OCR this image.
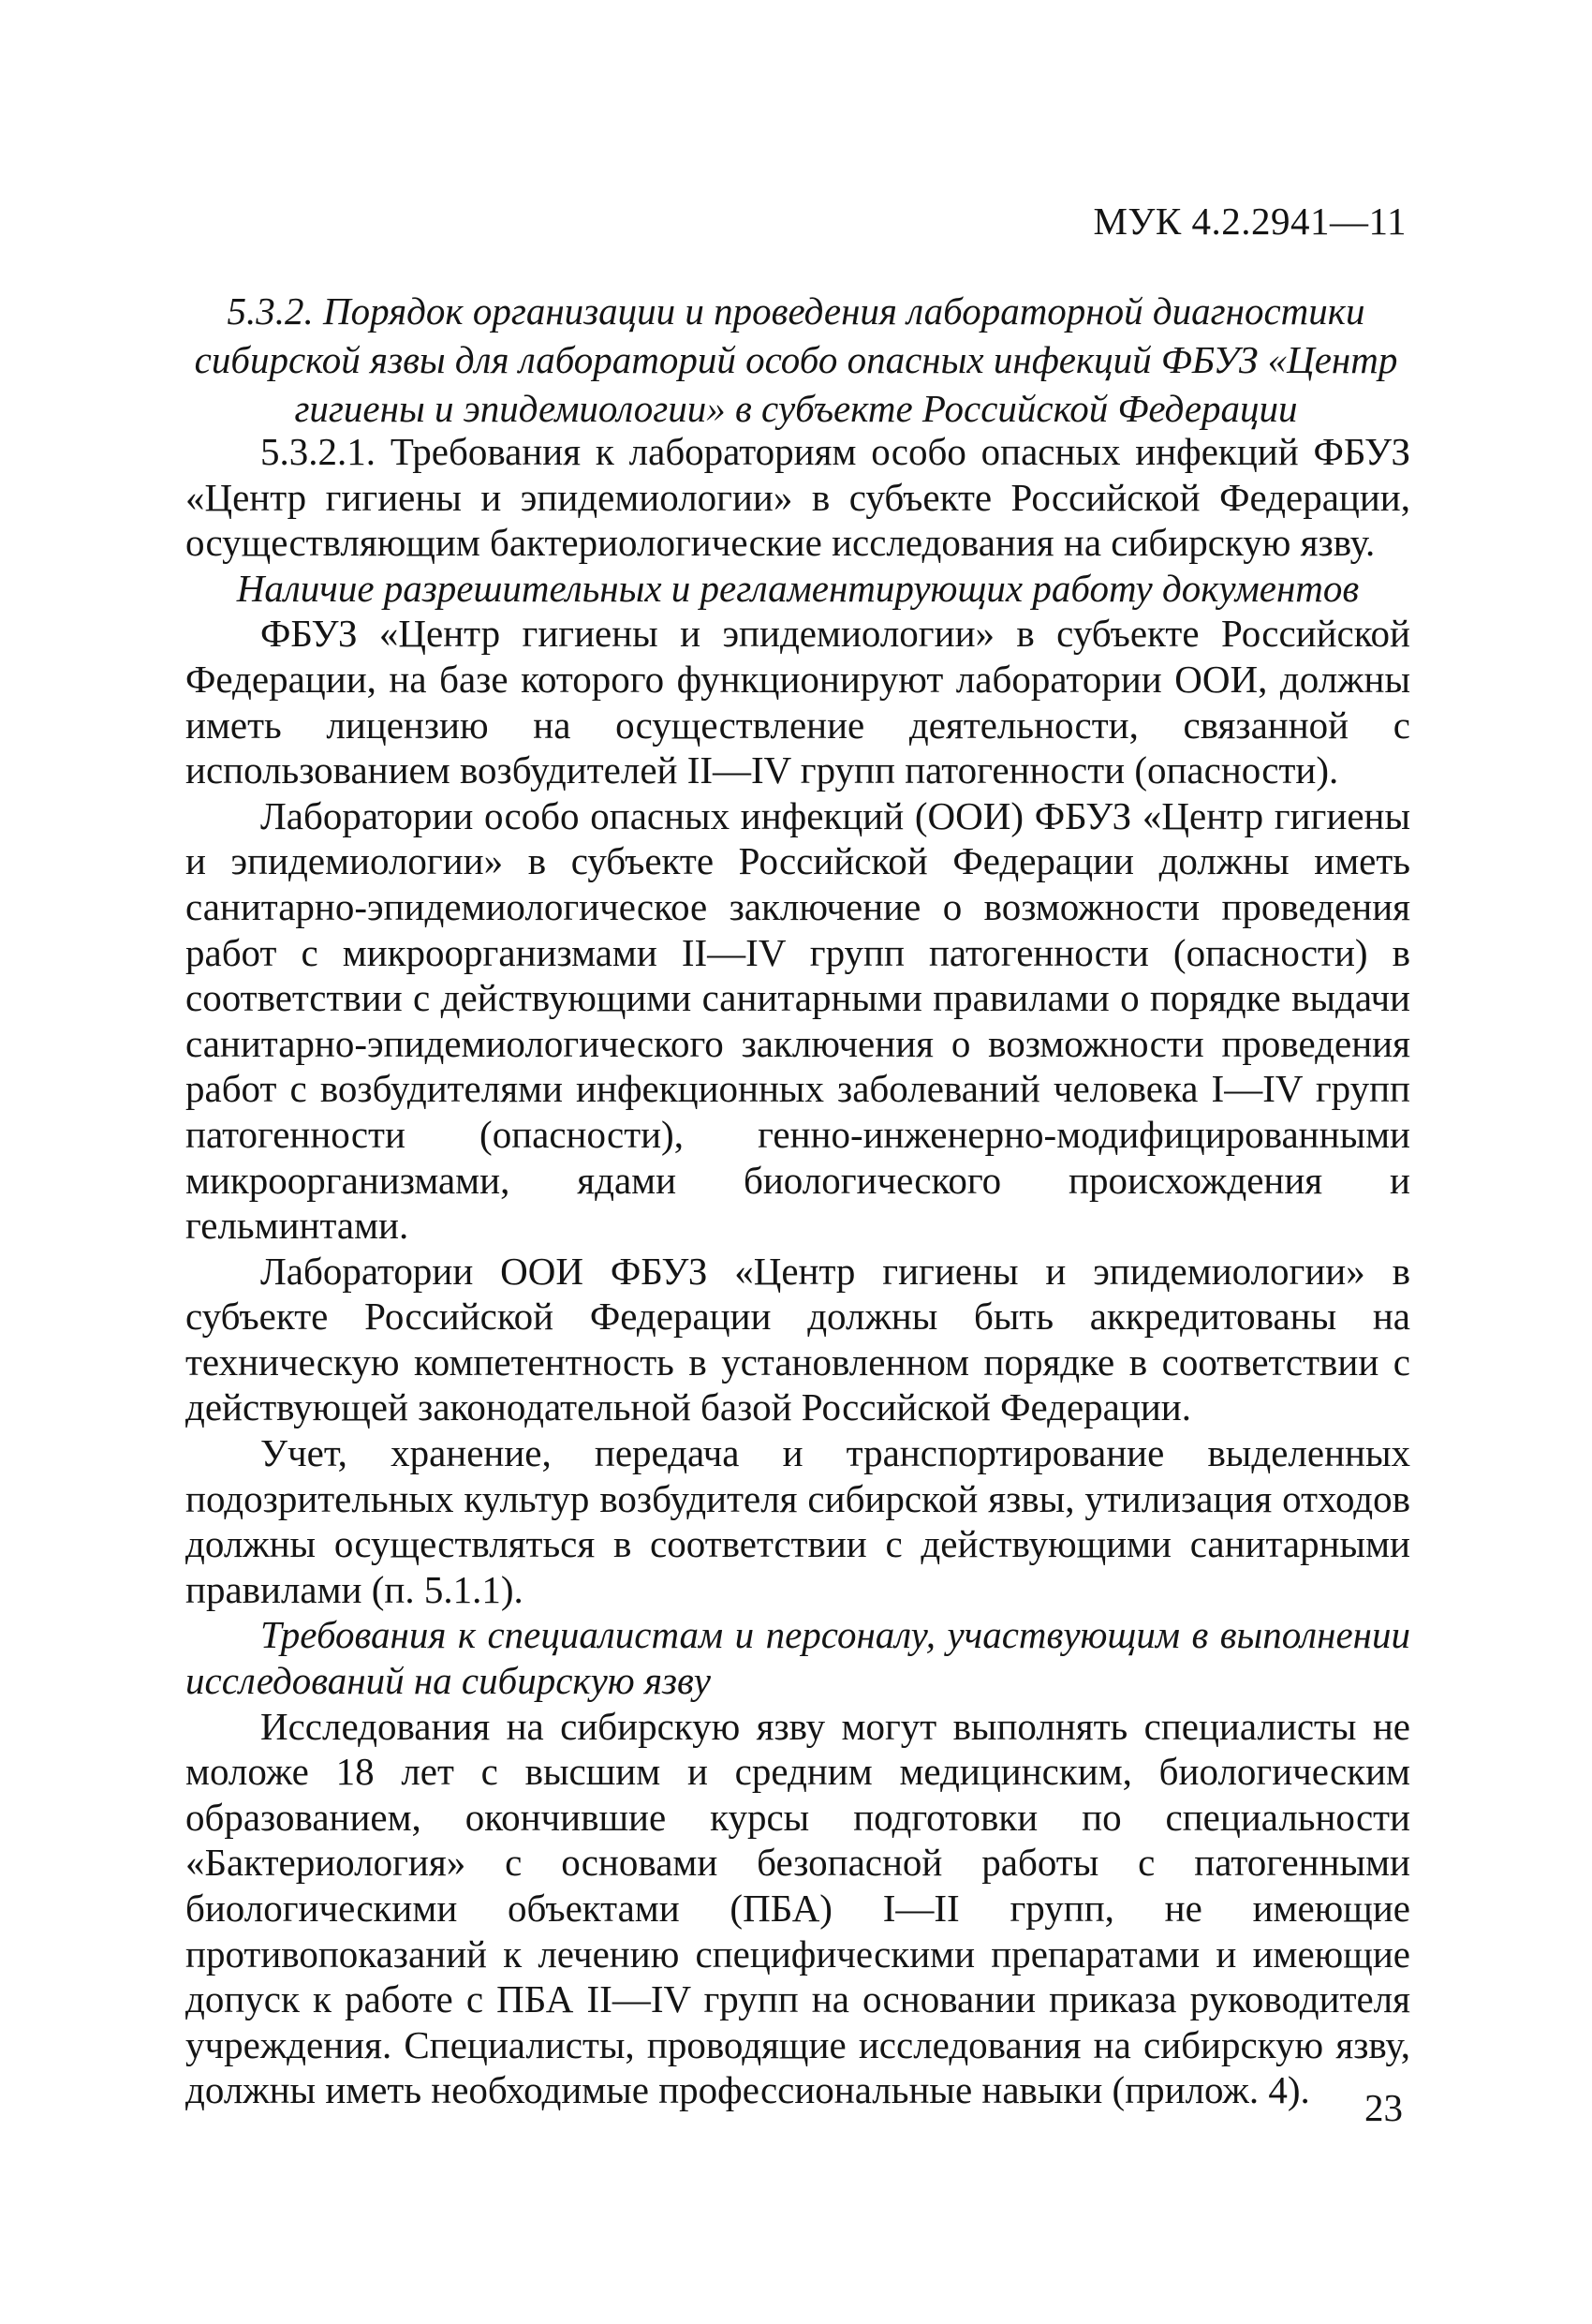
МУК 4.2.2941—11

5.3.2. Порядок организации и проведения лабораторной диагностики сибирской язвы для лабораторий особо опасных инфекций ФБУЗ «Центр гигиены и эпидемиологии» в субъекте Российской Федерации

5.3.2.1. Требования к лабораториям особо опасных инфекций ФБУЗ «Центр гигиены и эпидемиологии» в субъекте Российской Федерации, осуществляющим бактериологические исследования на сибирскую язву.

Наличие разрешительных и регламентирующих работу документов

ФБУЗ «Центр гигиены и эпидемиологии» в субъекте Российской Федерации, на базе которого функционируют лаборатории ООИ, должны иметь лицензию на осуществление деятельности, связанной с использованием возбудителей II—IV групп патогенности (опасности).

Лаборатории особо опасных инфекций (ООИ) ФБУЗ «Центр гигиены и эпидемиологии» в субъекте Российской Федерации должны иметь санитарно-эпидемиологическое заключение о возможности проведения работ с микроорганизмами II—IV групп патогенности (опасности) в соответствии с действующими санитарными правилами о порядке выдачи санитарно-эпидемиологического заключения о возможности проведения работ с возбудителями инфекционных заболеваний человека I—IV групп патогенности (опасности), генно-инженерно-модифицированными микроорганизмами, ядами биологического происхождения и гельминтами.

Лаборатории ООИ ФБУЗ «Центр гигиены и эпидемиологии» в субъекте Российской Федерации должны быть аккредитованы на техническую компетентность в установленном порядке в соответствии с действующей законодательной базой Российской Федерации.

Учет, хранение, передача и транспортирование выделенных подозрительных культур возбудителя сибирской язвы, утилизация отходов должны осуществляться в соответствии с действующими санитарными правилами (п. 5.1.1).

Требования к специалистам и персоналу, участвующим в выполнении исследований на сибирскую язву

Исследования на сибирскую язву могут выполнять специалисты не моложе 18 лет с высшим и средним медицинским, биологическим образованием, окончившие курсы подготовки по специальности «Бактериология» с основами безопасной работы с патогенными биологическими объектами (ПБА) I—II групп, не имеющие противопоказаний к лечению специфическими препаратами и имеющие допуск к работе с ПБА II—IV групп на основании приказа руководителя учреждения. Специалисты, проводящие исследования на сибирскую язву, должны иметь необходимые профессиональные навыки (прилож. 4).	23
